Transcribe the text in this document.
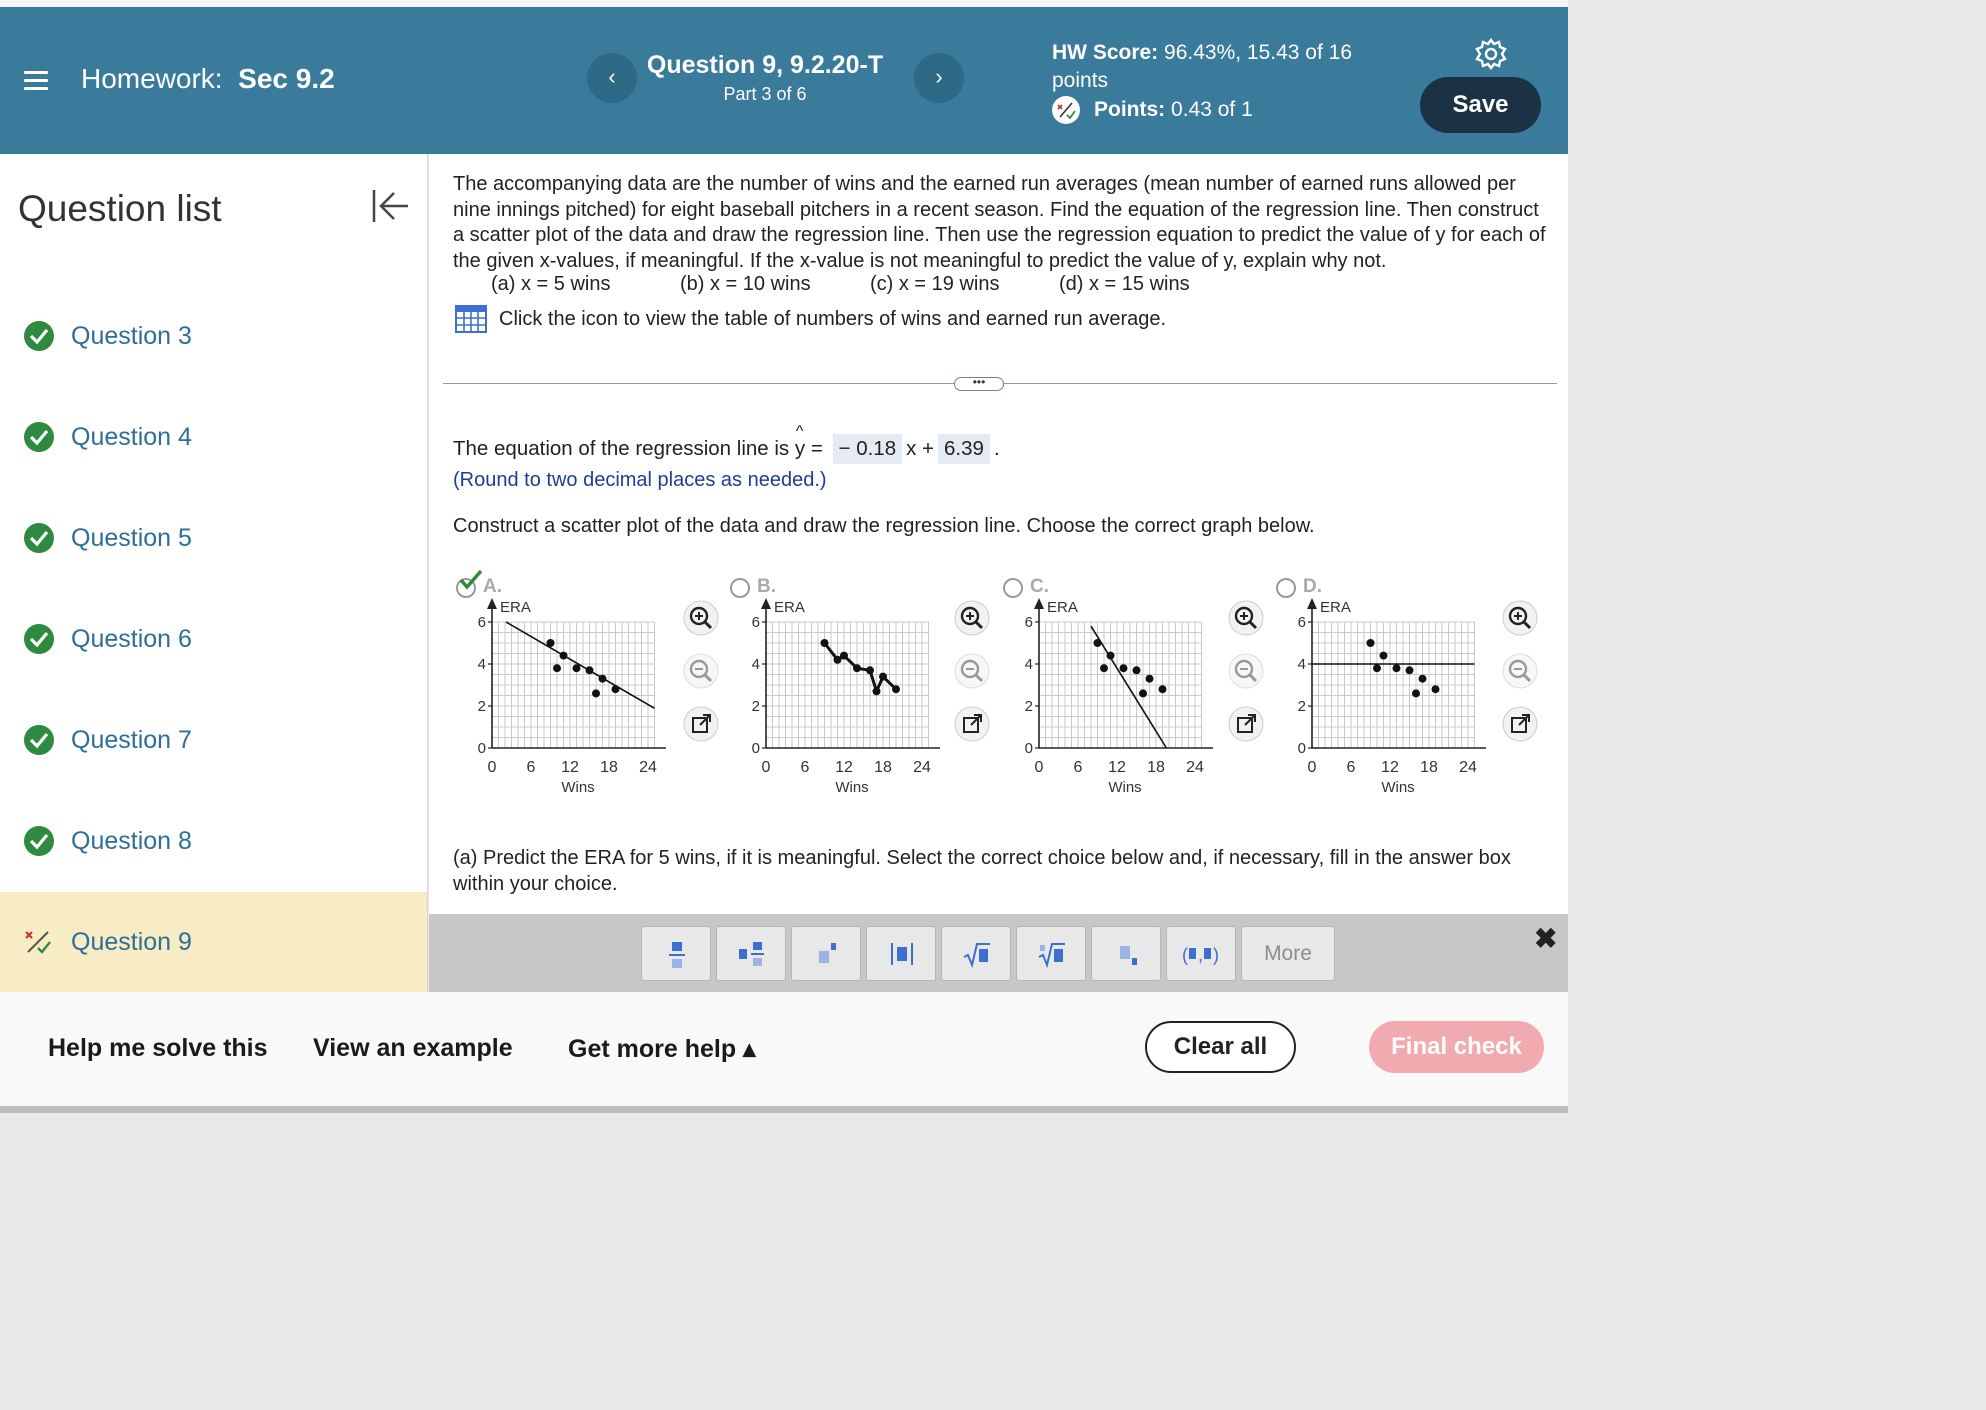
Homework: Sec 9.2	‹	Question 9, 9.2.20-T
Part 3 of 6
›
HW Score: 96.43%, 15.43 of 16 points
Points: 0.43 of 1	Save
Question list
Question 3
Question 4
Question 5
Question 6
Question 7
Question 8
Question 9
The accompanying data are the number of wins and the earned run averages (mean number of earned runs allowed per nine innings pitched) for eight baseball pitchers in a recent season. Find the equation of the regression line. Then construct a scatter plot of the data and draw the regression line. Then use the regression equation to predict the value of y for each of the given x-values, if meaningful. If the x-value is not meaningful to predict the value of y, explain why not.
(a) x = 5 wins	(b) x = 10 wins	(c) x = 19 wins	(d) x = 15 wins
Click the icon to view the table of numbers of wins and earned run average.
•••
The equation of the regression line is

^ y
=
− 0.18 x + 6.39 .
(Round to two decimal places as needed.)
Construct a scatter plot of the data and draw the regression line. Choose the correct graph below.
A.
ERA
0
2
4
6
0 6 12 18 24
Wins
B.
ERA
0
2
4
6
0 6 12 18 24
Wins
C.
ERA
0
2
4
6
0 6 12 18 24
Wins
D.
ERA
0
2
4
6
0 6 12 18 24
Wins
(a) Predict the ERA for 5 wins, if it is meaningful. Select the correct choice below and, if necessary, fill in the answer box within your choice.
( , )	More	✖
Help me solve this View an example Get more help ▴	Clear all	Final check
